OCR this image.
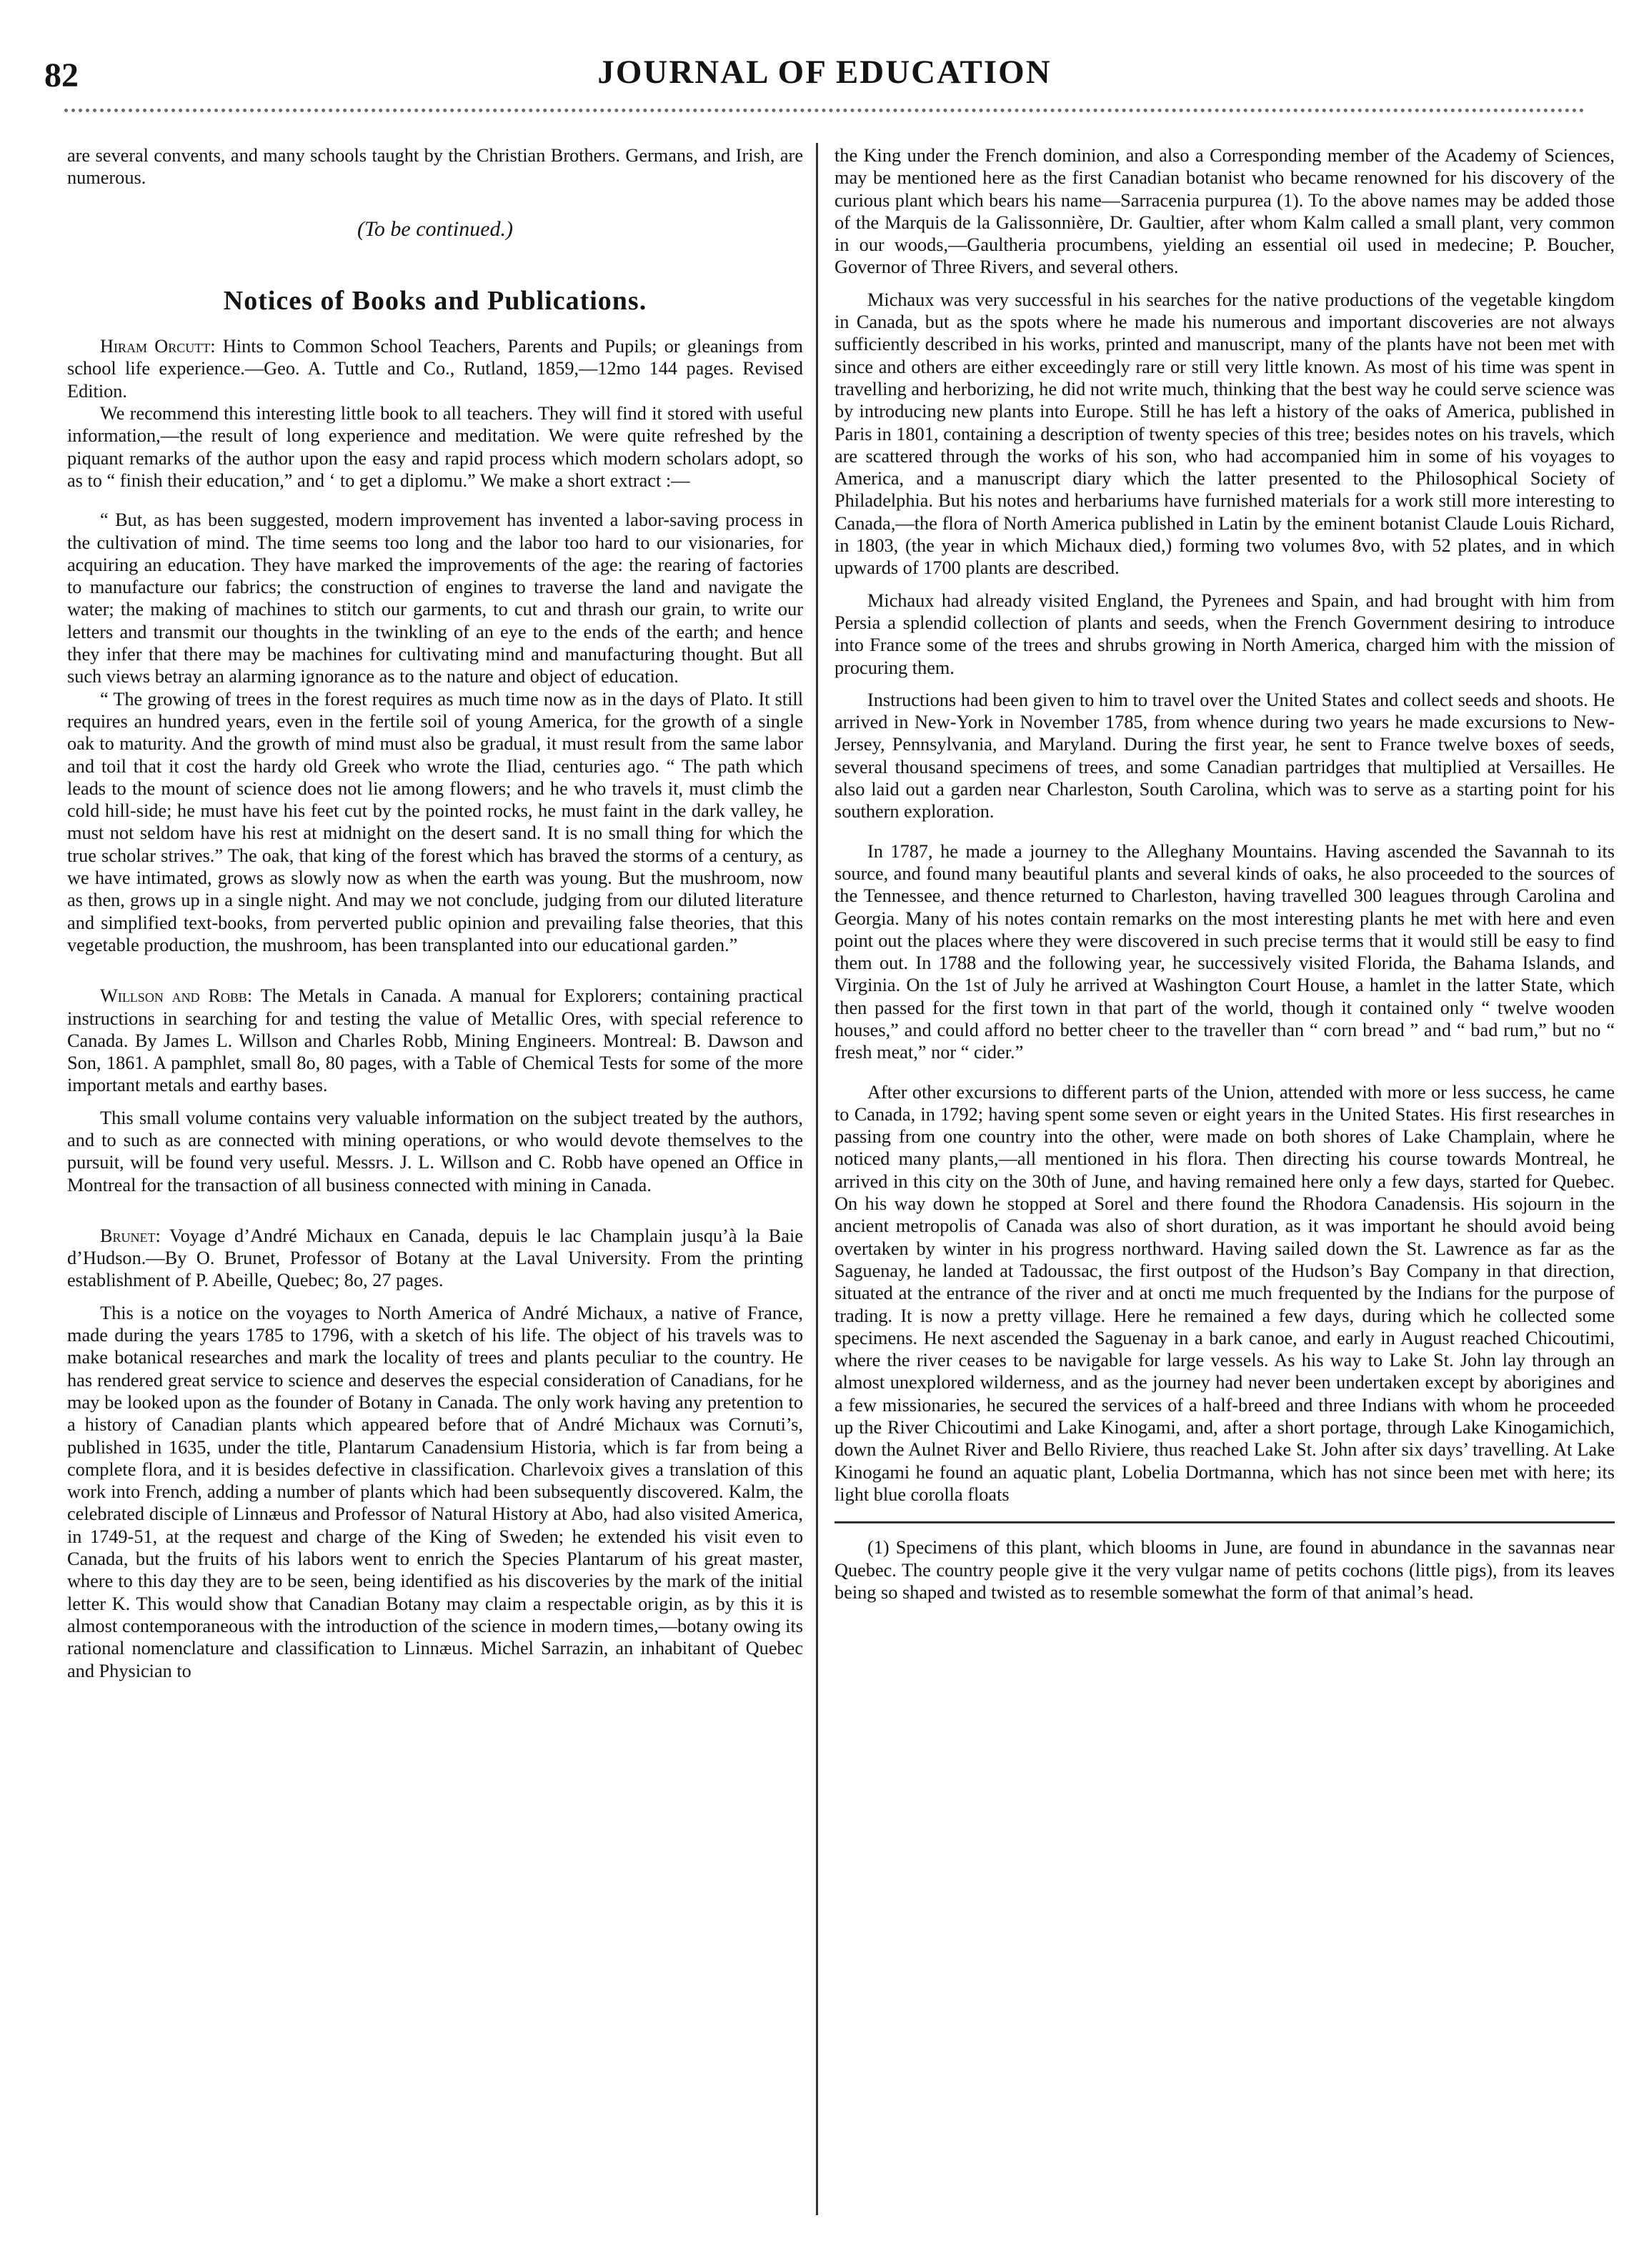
82	JOURNAL OF EDUCATION

are several convents, and many schools taught by the Christian Brothers. Germans, and Irish, are numerous.

(To be continued.)

Notices of Books and Publications.

Hiram Orcutt: Hints to Common School Teachers, Parents and Pupils; or gleanings from school life experience.—Geo. A. Tuttle and Co., Rutland, 1859,—12mo 144 pages. Revised Edition.

We recommend this interesting little book to all teachers. They will find it stored with useful information,—the result of long experience and meditation. We were quite refreshed by the piquant remarks of the author upon the easy and rapid process which modern scholars adopt, so as to “ finish their education,” and ‘ to get a diplomu.” We make a short extract :—

“ But, as has been suggested, modern improvement has invented a labor-saving process in the cultivation of mind. The time seems too long and the labor too hard to our visionaries, for acquiring an education. They have marked the improvements of the age: the rearing of factories to manufacture our fabrics; the construction of engines to traverse the land and navigate the water; the making of machines to stitch our garments, to cut and thrash our grain, to write our letters and transmit our thoughts in the twinkling of an eye to the ends of the earth; and hence they infer that there may be machines for cultivating mind and manufacturing thought. But all such views betray an alarming ignorance as to the nature and object of education.

“ The growing of trees in the forest requires as much time now as in the days of Plato. It still requires an hundred years, even in the fertile soil of young America, for the growth of a single oak to maturity. And the growth of mind must also be gradual, it must result from the same labor and toil that it cost the hardy old Greek who wrote the Iliad, centuries ago. “ The path which leads to the mount of science does not lie among flowers; and he who travels it, must climb the cold hill-side; he must have his feet cut by the pointed rocks, he must faint in the dark valley, he must not seldom have his rest at midnight on the desert sand. It is no small thing for which the true scholar strives.” The oak, that king of the forest which has braved the storms of a century, as we have intimated, grows as slowly now as when the earth was young. But the mushroom, now as then, grows up in a single night. And may we not conclude, judging from our diluted literature and simplified text-books, from perverted public opinion and prevailing false theories, that this vegetable production, the mushroom, has been transplanted into our educational garden.”

Willson and Robb: The Metals in Canada. A manual for Explorers; containing practical instructions in searching for and testing the value of Metallic Ores, with special reference to Canada. By James L. Willson and Charles Robb, Mining Engineers. Montreal: B. Dawson and Son, 1861. A pamphlet, small 8o, 80 pages, with a Table of Chemical Tests for some of the more important metals and earthy bases.

This small volume contains very valuable information on the subject treated by the authors, and to such as are connected with mining operations, or who would devote themselves to the pursuit, will be found very useful. Messrs. J. L. Willson and C. Robb have opened an Office in Montreal for the transaction of all business connected with mining in Canada.

Brunet: Voyage d’André Michaux en Canada, depuis le lac Champlain jusqu’à la Baie d’Hudson.—By O. Brunet, Professor of Botany at the Laval University. From the printing establishment of P. Abeille, Quebec; 8o, 27 pages.

This is a notice on the voyages to North America of André Michaux, a native of France, made during the years 1785 to 1796, with a sketch of his life. The object of his travels was to make botanical researches and mark the locality of trees and plants peculiar to the country. He has rendered great service to science and deserves the especial consideration of Canadians, for he may be looked upon as the founder of Botany in Canada. The only work having any pretention to a history of Canadian plants which appeared before that of André Michaux was Cornuti’s, published in 1635, under the title, Plantarum Canadensium Historia, which is far from being a complete flora, and it is besides defective in classification. Charlevoix gives a translation of this work into French, adding a number of plants which had been subsequently discovered. Kalm, the celebrated disciple of Linnæus and Professor of Natural History at Abo, had also visited America, in 1749-51, at the request and charge of the King of Sweden; he extended his visit even to Canada, but the fruits of his labors went to enrich the Species Plantarum of his great master, where to this day they are to be seen, being identified as his discoveries by the mark of the initial letter K. This would show that Canadian Botany may claim a respectable origin, as by this it is almost contemporaneous with the introduction of the science in modern times,—botany owing its rational nomenclature and classification to Linnæus. Michel Sarrazin, an inhabitant of Quebec and Physician to

the King under the French dominion, and also a Corresponding member of the Academy of Sciences, may be mentioned here as the first Canadian botanist who became renowned for his discovery of the curious plant which bears his name—Sarracenia purpurea (1). To the above names may be added those of the Marquis de la Galissonnière, Dr. Gaultier, after whom Kalm called a small plant, very common in our woods,—Gaultheria procumbens, yielding an essential oil used in medecine; P. Boucher, Governor of Three Rivers, and several others.

Michaux was very successful in his searches for the native productions of the vegetable kingdom in Canada, but as the spots where he made his numerous and important discoveries are not always sufficiently described in his works, printed and manuscript, many of the plants have not been met with since and others are either exceedingly rare or still very little known. As most of his time was spent in travelling and herborizing, he did not write much, thinking that the best way he could serve science was by introducing new plants into Europe. Still he has left a history of the oaks of America, published in Paris in 1801, containing a description of twenty species of this tree; besides notes on his travels, which are scattered through the works of his son, who had accompanied him in some of his voyages to America, and a manuscript diary which the latter presented to the Philosophical Society of Philadelphia. But his notes and herbariums have furnished materials for a work still more interesting to Canada,—the flora of North America published in Latin by the eminent botanist Claude Louis Richard, in 1803, (the year in which Michaux died,) forming two volumes 8vo, with 52 plates, and in which upwards of 1700 plants are described.

Michaux had already visited England, the Pyrenees and Spain, and had brought with him from Persia a splendid collection of plants and seeds, when the French Government desiring to introduce into France some of the trees and shrubs growing in North America, charged him with the mission of procuring them.

Instructions had been given to him to travel over the United States and collect seeds and shoots. He arrived in New-York in November 1785, from whence during two years he made excursions to New-Jersey, Pennsylvania, and Maryland. During the first year, he sent to France twelve boxes of seeds, several thousand specimens of trees, and some Canadian partridges that multiplied at Versailles. He also laid out a garden near Charleston, South Carolina, which was to serve as a starting point for his southern exploration.

In 1787, he made a journey to the Alleghany Mountains. Having ascended the Savannah to its source, and found many beautiful plants and several kinds of oaks, he also proceeded to the sources of the Tennessee, and thence returned to Charleston, having travelled 300 leagues through Carolina and Georgia. Many of his notes contain remarks on the most interesting plants he met with here and even point out the places where they were discovered in such precise terms that it would still be easy to find them out. In 1788 and the following year, he successively visited Florida, the Bahama Islands, and Virginia. On the 1st of July he arrived at Washington Court House, a hamlet in the latter State, which then passed for the first town in that part of the world, though it contained only “ twelve wooden houses,” and could afford no better cheer to the traveller than “ corn bread ” and “ bad rum,” but no “ fresh meat,” nor “ cider.”

After other excursions to different parts of the Union, attended with more or less success, he came to Canada, in 1792; having spent some seven or eight years in the United States. His first researches in passing from one country into the other, were made on both shores of Lake Champlain, where he noticed many plants,—all mentioned in his flora. Then directing his course towards Montreal, he arrived in this city on the 30th of June, and having remained here only a few days, started for Quebec. On his way down he stopped at Sorel and there found the Rhodora Canadensis. His sojourn in the ancient metropolis of Canada was also of short duration, as it was important he should avoid being overtaken by winter in his progress northward. Having sailed down the St. Lawrence as far as the Saguenay, he landed at Tadoussac, the first outpost of the Hudson’s Bay Company in that direction, situated at the entrance of the river and at oncti me much frequented by the Indians for the purpose of trading. It is now a pretty village. Here he remained a few days, during which he collected some specimens. He next ascended the Saguenay in a bark canoe, and early in August reached Chicoutimi, where the river ceases to be navigable for large vessels. As his way to Lake St. John lay through an almost unexplored wilderness, and as the journey had never been undertaken except by aborigines and a few missionaries, he secured the services of a half-breed and three Indians with whom he proceeded up the River Chicoutimi and Lake Kinogami, and, after a short portage, through Lake Kinogamichich, down the Aulnet River and Bello Riviere, thus reached Lake St. John after six days’ travelling. At Lake Kinogami he found an aquatic plant, Lobelia Dortmanna, which has not since been met with here; its light blue corolla floats

(1) Specimens of this plant, which blooms in June, are found in abundance in the savannas near Quebec. The country people give it the very vulgar name of petits cochons (little pigs), from its leaves being so shaped and twisted as to resemble somewhat the form of that animal’s head.
